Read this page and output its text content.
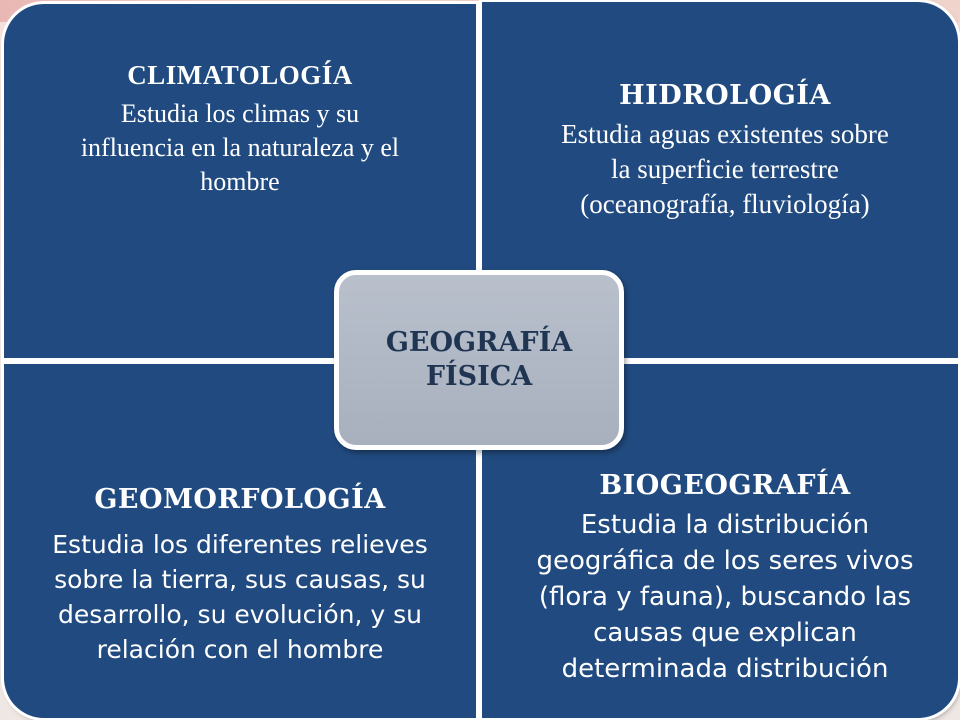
CLIMATOLOGÍA
Estudia los climas y su
influencia en la naturaleza y el
hombre
HIDROLOGÍA
Estudia aguas existentes sobre
la superficie terrestre
(oceanografía, fluviología)
GEOMORFOLOGÍA
Estudia los diferentes relieves
sobre la tierra, sus causas, su
desarrollo, su evolución, y su
relación con el hombre
BIOGEOGRAFÍA
Estudia la distribución
geográfica de los seres vivos
(flora y fauna), buscando las
causas que explican
determinada distribución
GEOGRAFÍA
FÍSICA
